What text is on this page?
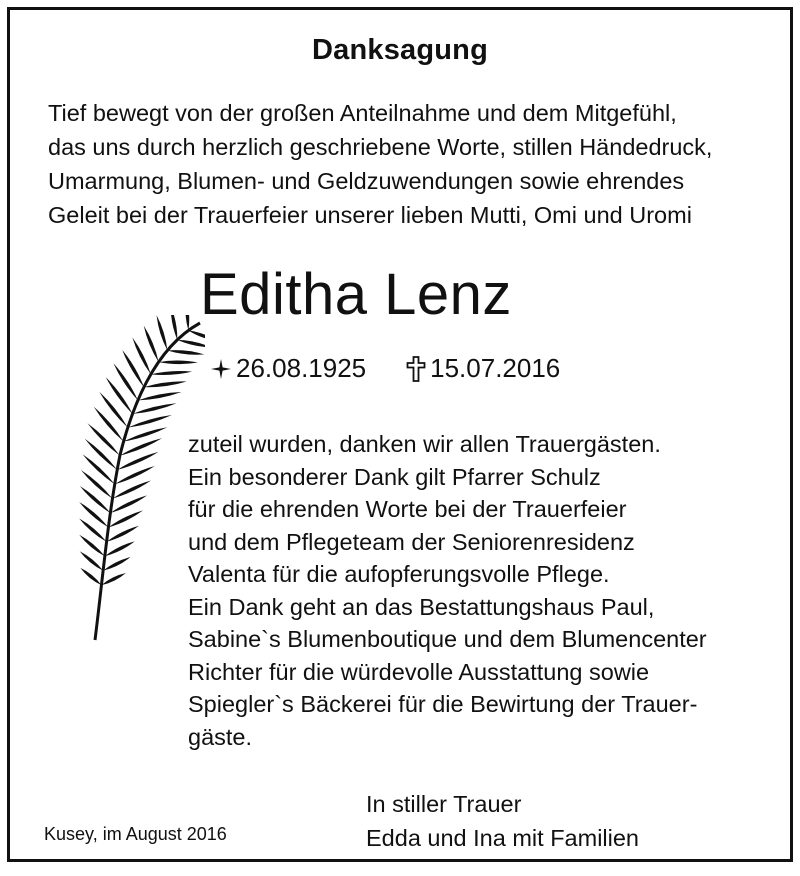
Danksagung
Tief bewegt von der großen Anteilnahme und dem Mitgefühl,
das uns durch herzlich geschriebene Worte, stillen Händedruck,
Umarmung, Blumen- und Geldzuwendungen sowie ehrendes
Geleit bei der Trauerfeier unserer lieben Mutti, Omi und Uromi
Editha Lenz
26.08.1925 15.07.2016
zuteil wurden, danken wir allen Trauergästen.
Ein besonderer Dank gilt Pfarrer Schulz
für die ehrenden Worte bei der Trauerfeier
und dem Pflegeteam der Seniorenresidenz
Valenta für die aufopferungsvolle Pflege.
Ein Dank geht an das Bestattungshaus Paul,
Sabine`s Blumenboutique und dem Blumencenter
Richter für die würdevolle Ausstattung sowie
Spiegler`s Bäckerei für die Bewirtung der Trauer-
gäste.
Kusey, im August 2016
In stiller Trauer
Edda und Ina mit Familien
